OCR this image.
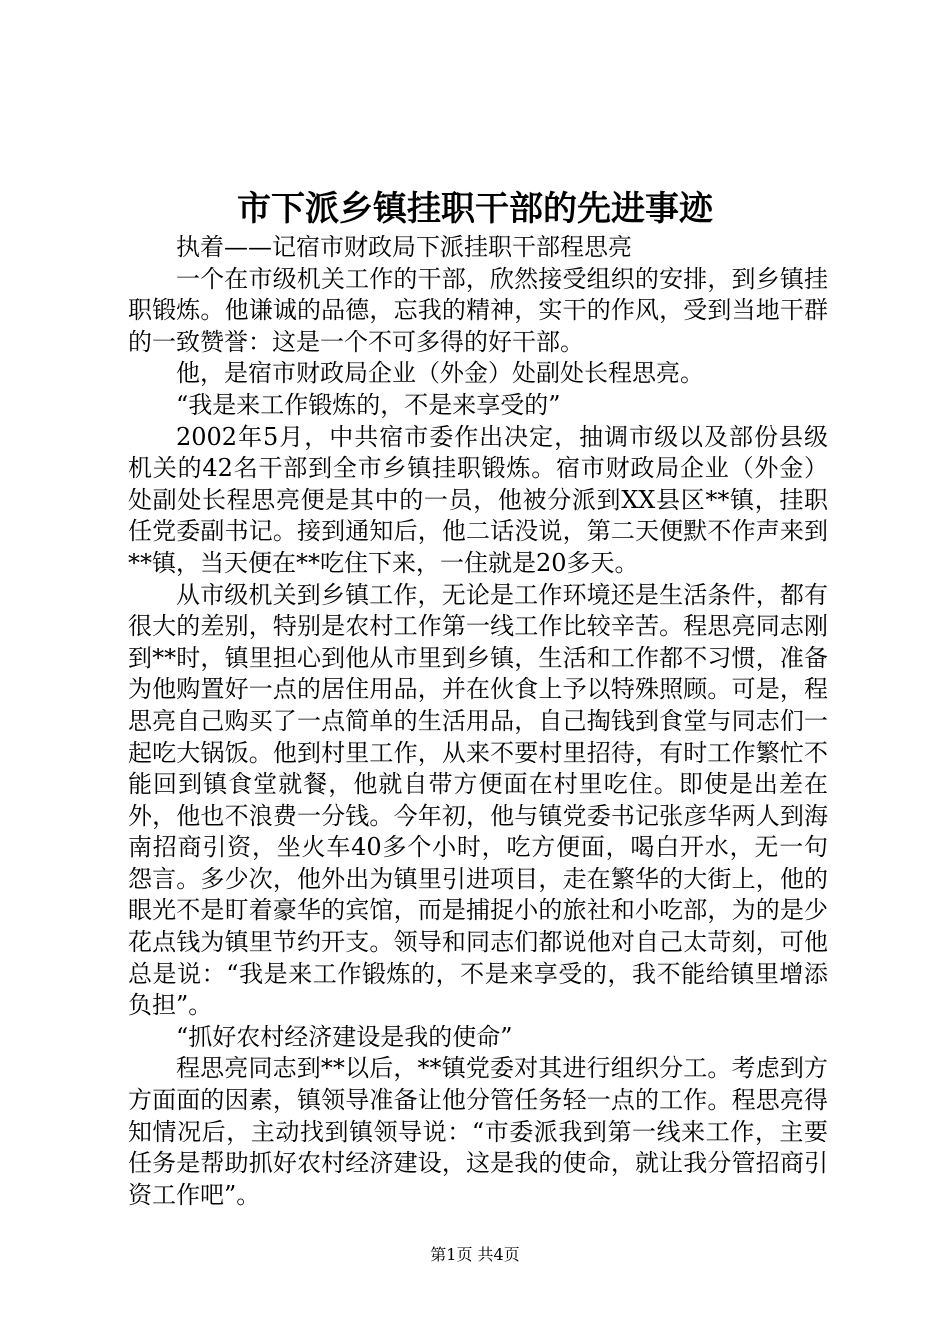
市下派乡镇挂职干部的先进事迹

执着——记宿市财政局下派挂职干部程思亮

一个在市级机关工作的干部，欣然接受组织的安排，到乡镇挂职锻炼。他谦诚的品德，忘我的精神，实干的作风，受到当地干群的一致赞誉：这是一个不可多得的好干部。

他，是宿市财政局企业（外金）处副处长程思亮。

“我是来工作锻炼的，不是来享受的”

2002年5月，中共宿市委作出决定，抽调市级以及部份县级机关的42名干部到全市乡镇挂职锻炼。宿市财政局企业（外金）处副处长程思亮便是其中的一员，他被分派到XX县区**镇，挂职任党委副书记。接到通知后，他二话没说，第二天便默不作声来到**镇，当天便在**吃住下来，一住就是20多天。

从市级机关到乡镇工作，无论是工作环境还是生活条件，都有很大的差别，特别是农村工作第一线工作比较辛苦。程思亮同志刚到**时，镇里担心到他从市里到乡镇，生活和工作都不习惯，准备为他购置好一点的居住用品，并在伙食上予以特殊照顾。可是，程思亮自己购买了一点简单的生活用品，自己掏钱到食堂与同志们一起吃大锅饭。他到村里工作，从来不要村里招待，有时工作繁忙不能回到镇食堂就餐，他就自带方便面在村里吃住。即使是出差在外，他也不浪费一分钱。今年初，他与镇党委书记张彦华两人到海南招商引资，坐火车40多个小时，吃方便面，喝白开水，无一句怨言。多少次，他外出为镇里引进项目，走在繁华的大街上，他的眼光不是盯着豪华的宾馆，而是捕捉小的旅社和小吃部，为的是少花点钱为镇里节约开支。领导和同志们都说他对自己太苛刻，可他总是说：“我是来工作锻炼的，不是来享受的，我不能给镇里增添负担”。

“抓好农村经济建设是我的使命”

程思亮同志到**以后，**镇党委对其进行组织分工。考虑到方方面面的因素，镇领导准备让他分管任务轻一点的工作。程思亮得知情况后，主动找到镇领导说：“市委派我到第一线来工作，主要任务是帮助抓好农村经济建设，这是我的使命，就让我分管招商引资工作吧”。

第1页 共4页
